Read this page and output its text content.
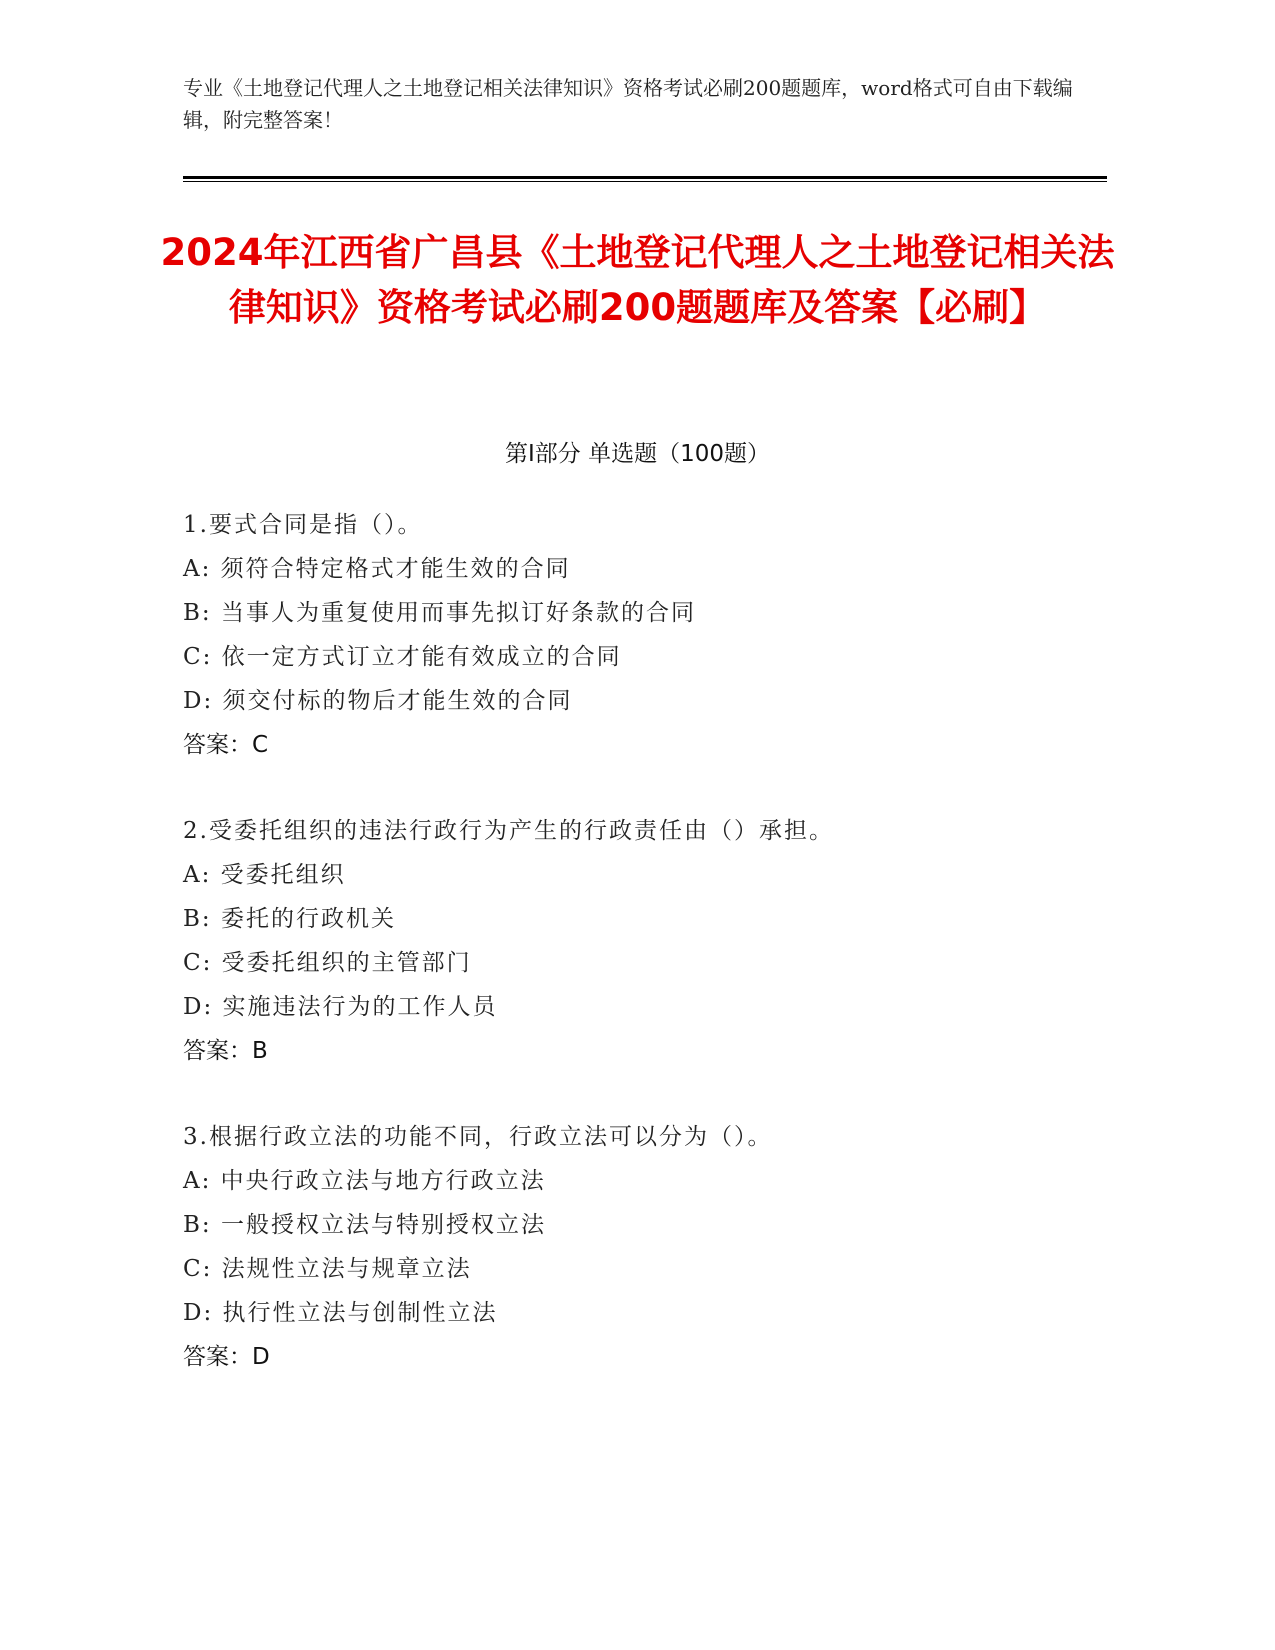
专业《土地登记代理人之土地登记相关法律知识》资格考试必刷200题题库，word格式可自由下载编辑，附完整答案！
2024年江西省广昌县《土地登记代理人之土地登记相关法律知识》资格考试必刷200题题库及答案【必刷】
第I部分 单选题（100题）
1.要式合同是指（）。
A: 须符合特定格式才能生效的合同
B: 当事人为重复使用而事先拟订好条款的合同
C: 依一定方式订立才能有效成立的合同
D: 须交付标的物后才能生效的合同
答案：C
2.受委托组织的违法行政行为产生的行政责任由（）承担。
A: 受委托组织
B: 委托的行政机关
C: 受委托组织的主管部门
D: 实施违法行为的工作人员
答案：B
3.根据行政立法的功能不同，行政立法可以分为（）。
A: 中央行政立法与地方行政立法
B: 一般授权立法与特别授权立法
C: 法规性立法与规章立法
D: 执行性立法与创制性立法
答案：D
